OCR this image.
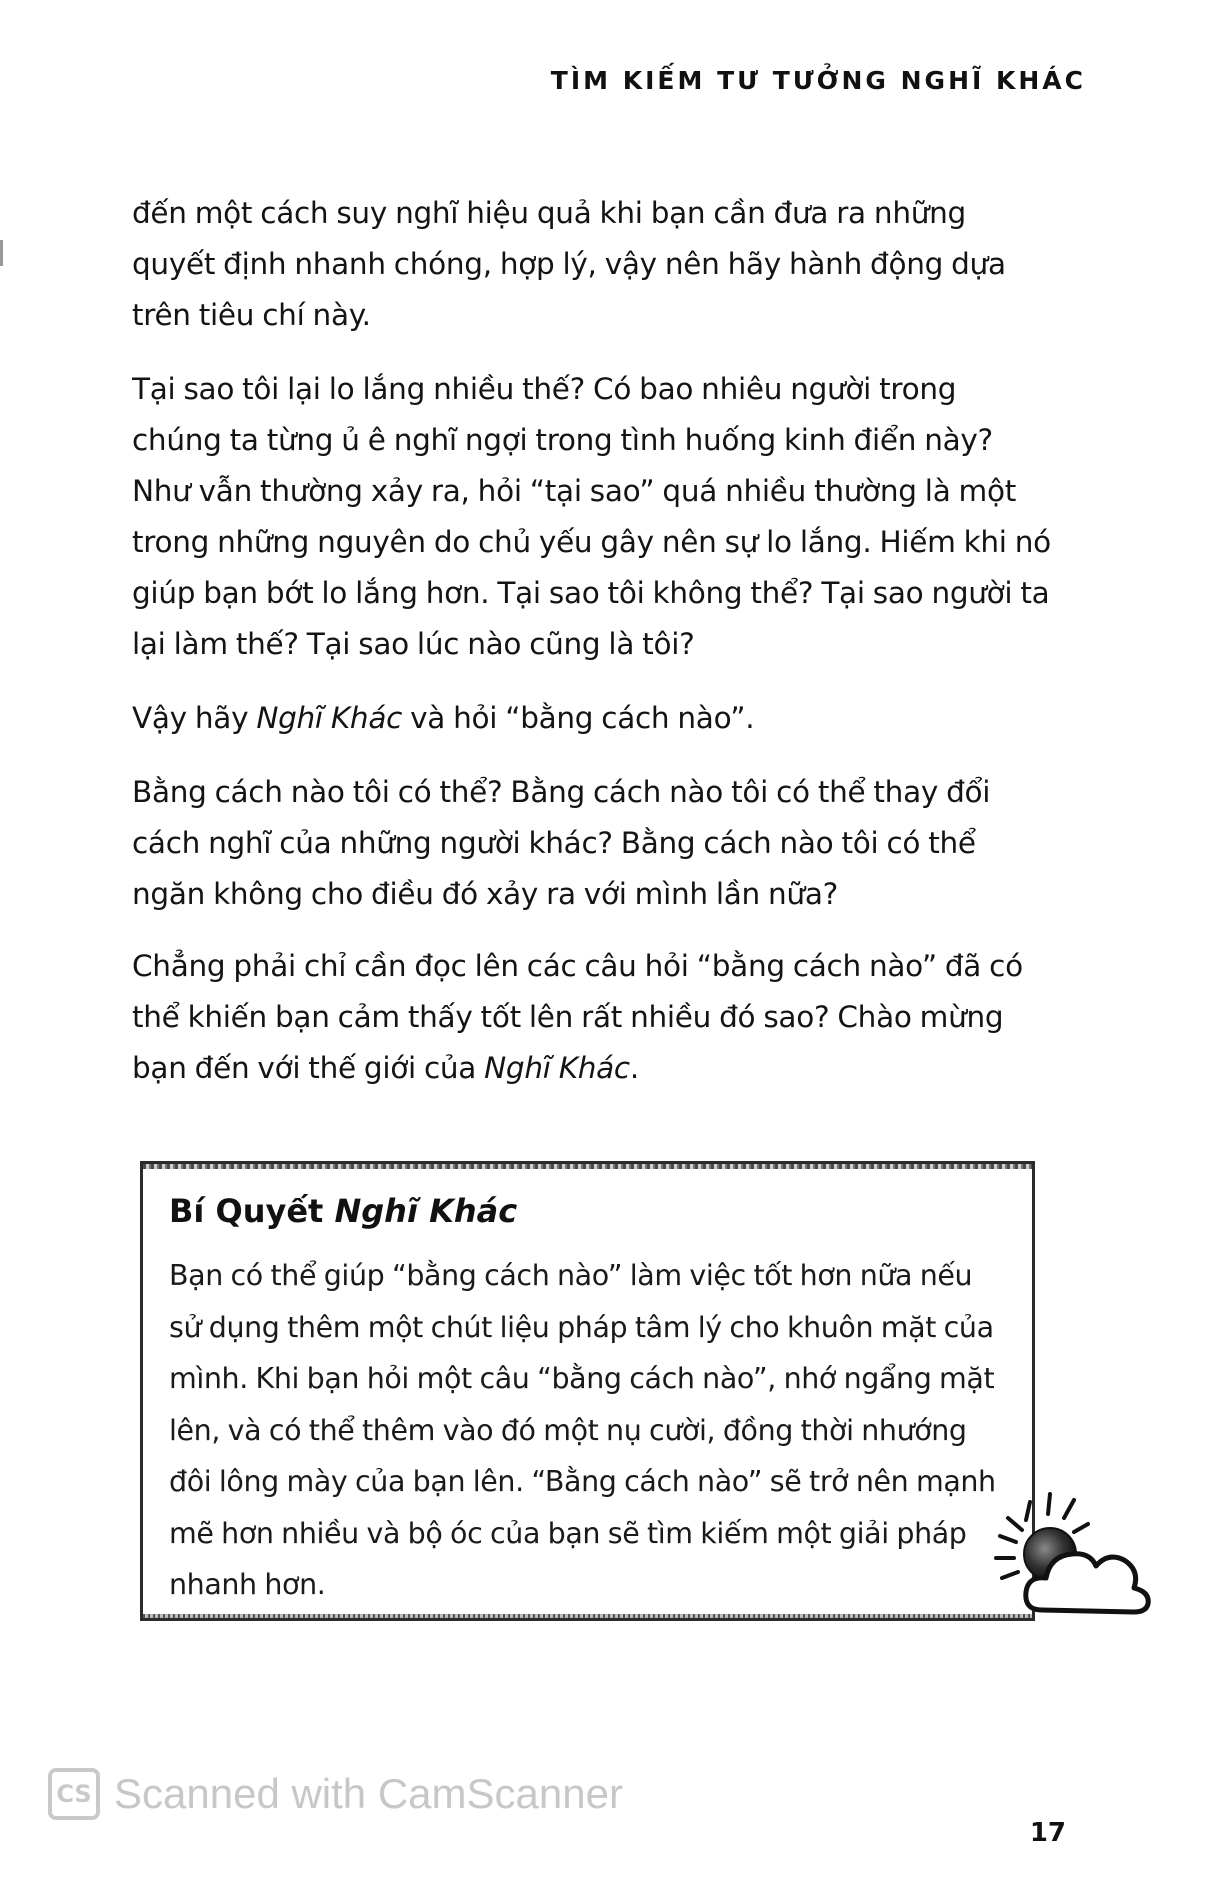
TÌM KIẾM TƯ TƯỞNG NGHĨ KHÁC

đến một cách suy nghĩ hiệu quả khi bạn cần đưa ra những quyết định nhanh chóng, hợp lý, vậy nên hãy hành động dựa trên tiêu chí này.

Tại sao tôi lại lo lắng nhiều thế? Có bao nhiêu người trong chúng ta từng ủ ê nghĩ ngợi trong tình huống kinh điển này? Như vẫn thường xảy ra, hỏi “tại sao” quá nhiều thường là một trong những nguyên do chủ yếu gây nên sự lo lắng. Hiếm khi nó giúp bạn bớt lo lắng hơn. Tại sao tôi không thể? Tại sao người ta lại làm thế? Tại sao lúc nào cũng là tôi?

Vậy hãy Nghĩ Khác và hỏi “bằng cách nào”.

Bằng cách nào tôi có thể? Bằng cách nào tôi có thể thay đổi cách nghĩ của những người khác? Bằng cách nào tôi có thể ngăn không cho điều đó xảy ra với mình lần nữa?

Chẳng phải chỉ cần đọc lên các câu hỏi “bằng cách nào” đã có thể khiến bạn cảm thấy tốt lên rất nhiều đó sao? Chào mừng bạn đến với thế giới của Nghĩ Khác.

Bí Quyết Nghĩ Khác
Bạn có thể giúp “bằng cách nào” làm việc tốt hơn nữa nếu sử dụng thêm một chút liệu pháp tâm lý cho khuôn mặt của mình. Khi bạn hỏi một câu “bằng cách nào”, nhớ ngẩng mặt lên, và có thể thêm vào đó một nụ cười, đồng thời nhướng đôi lông mày của bạn lên. “Bằng cách nào” sẽ trở nên mạnh mẽ hơn nhiều và bộ óc của bạn sẽ tìm kiếm một giải pháp nhanh hơn.
CS Scanned with CamScanner
17
